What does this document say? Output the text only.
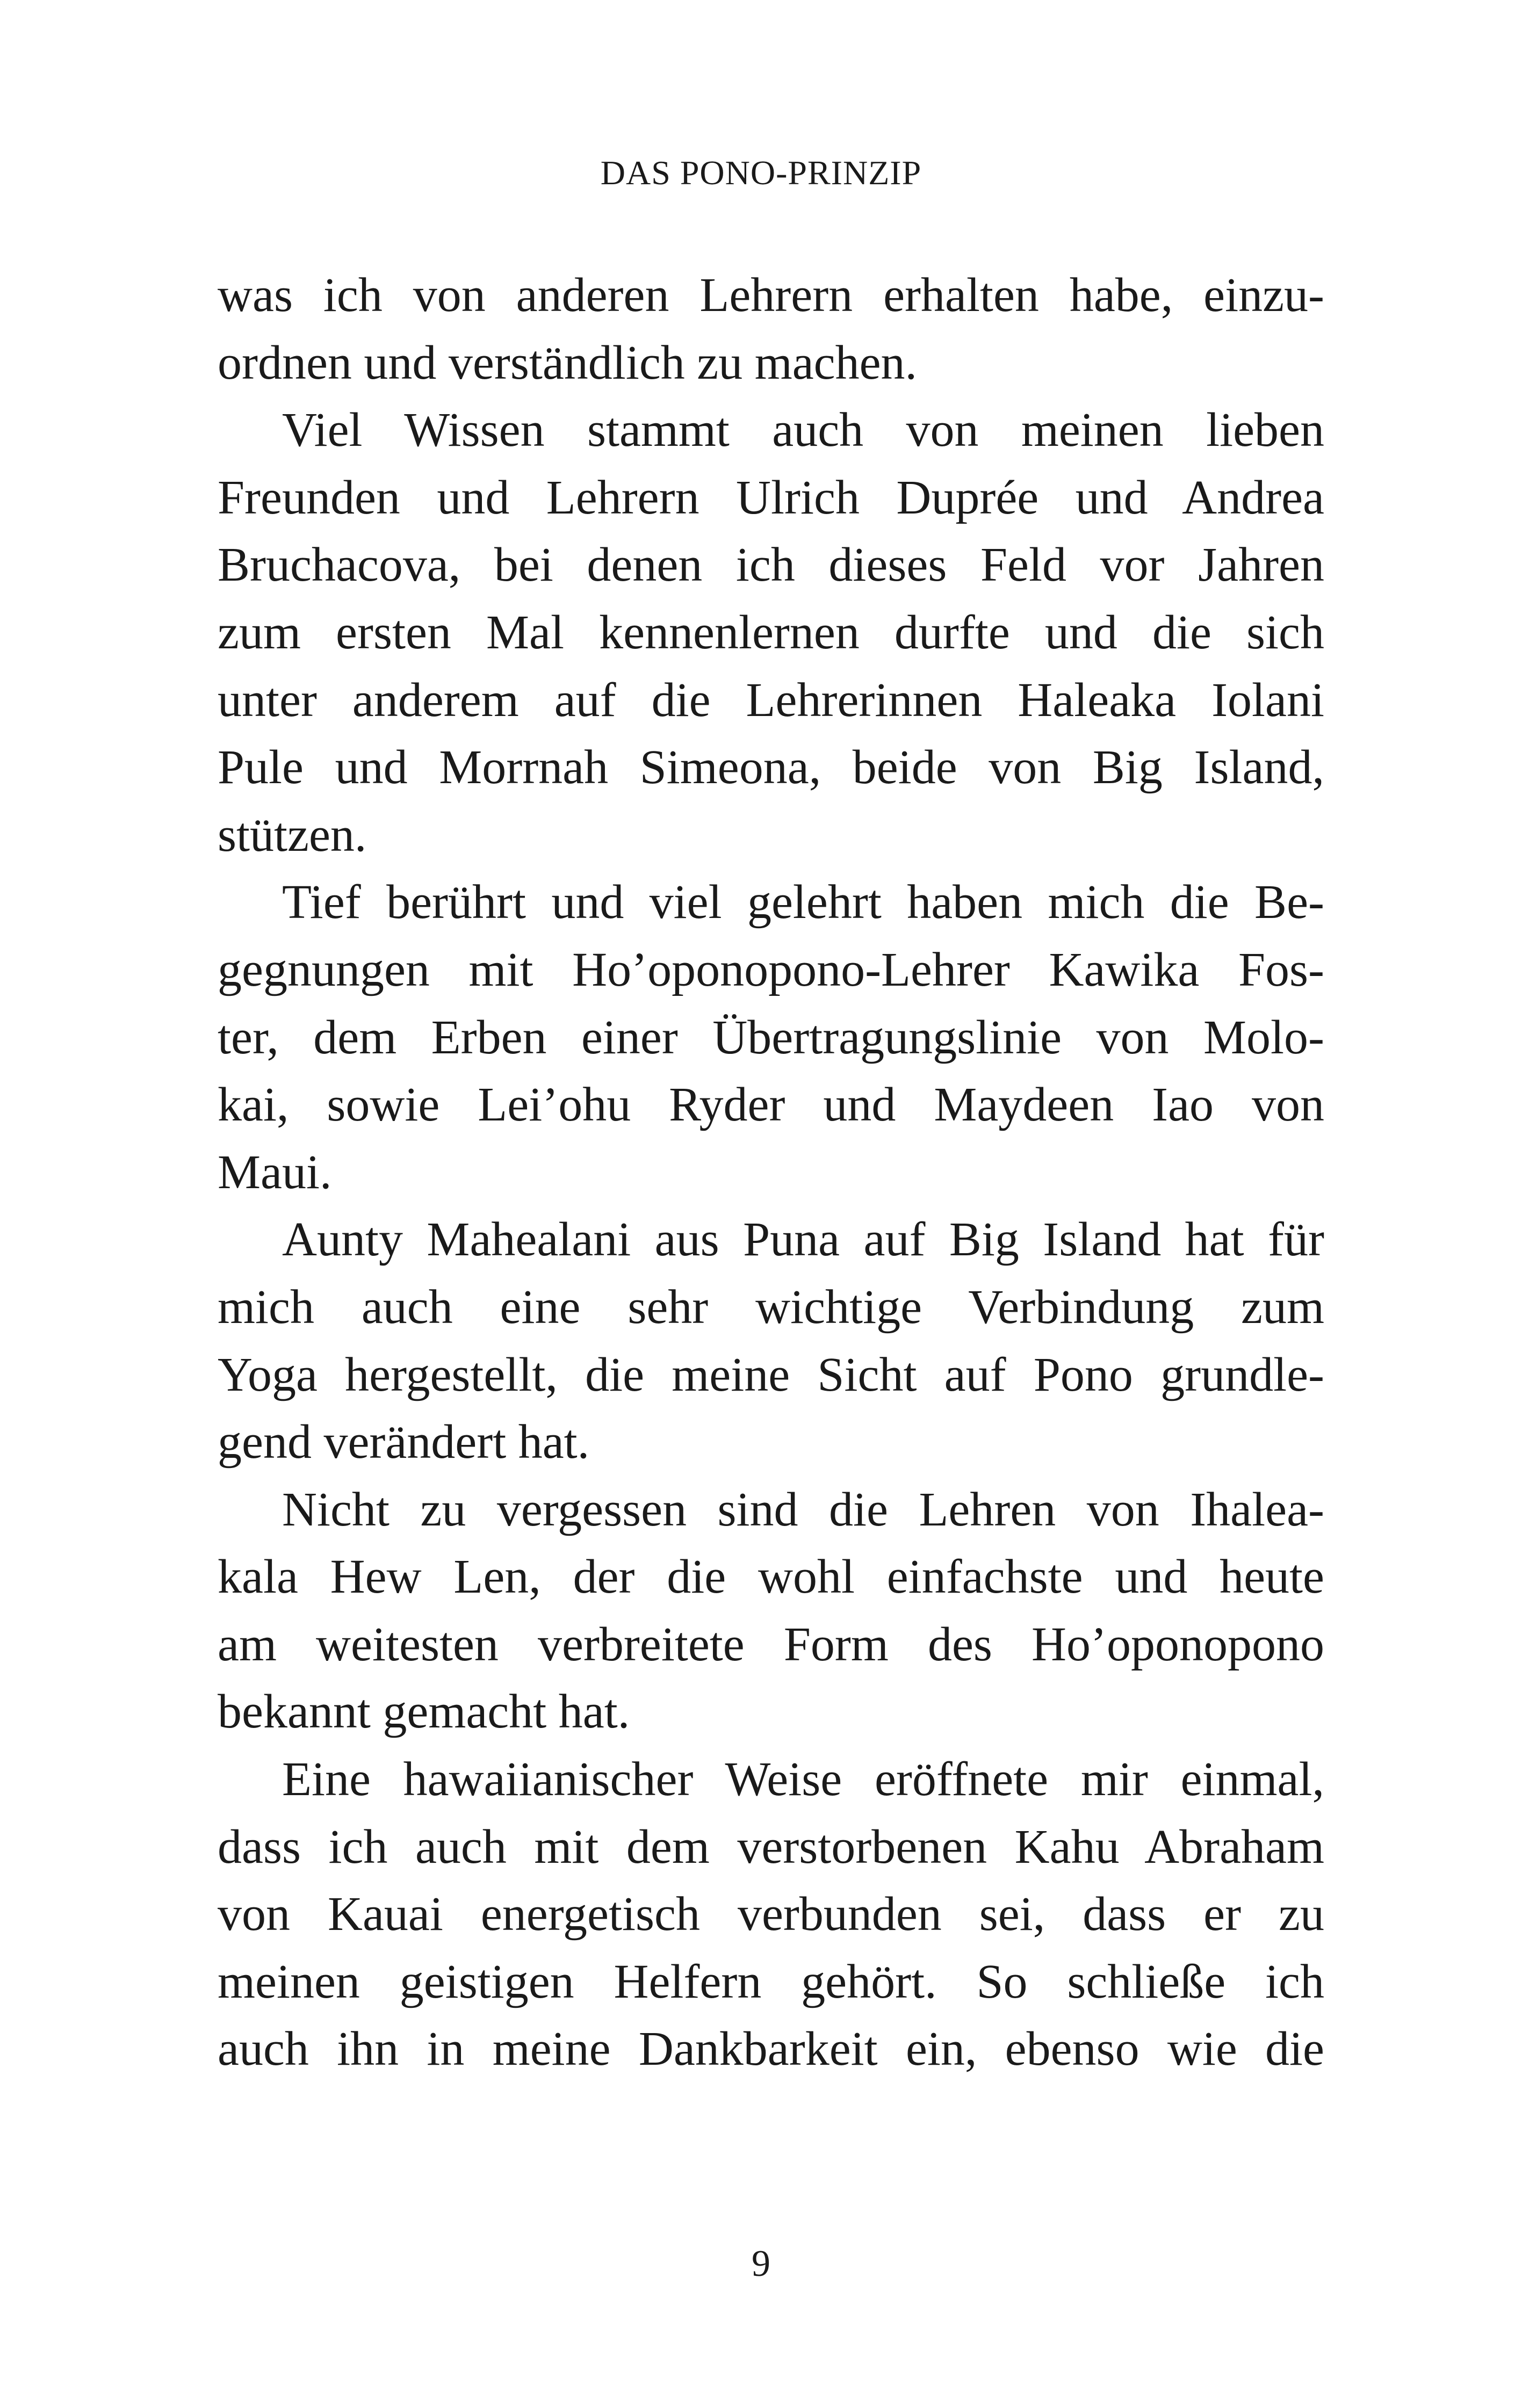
DAS PONO-PRINZIP
was ich von anderen Lehrern erhalten habe, einzu-
ordnen und verständlich zu machen.
Viel Wissen stammt auch von meinen lieben
Freunden und Lehrern Ulrich Duprée und Andrea
Bruchacova, bei denen ich dieses Feld vor Jahren
zum ersten Mal kennenlernen durfte und die sich
unter anderem auf die Lehrerinnen Haleaka Iolani
Pule und Morrnah Simeona, beide von Big Island,
stützen.
Tief berührt und viel gelehrt haben mich die Be-
gegnungen mit Ho’oponopono-Lehrer Kawika Fos-
ter, dem Erben einer Übertragungslinie von Molo-
kai, sowie Lei’ohu Ryder und Maydeen Iao von
Maui.
Aunty Mahealani aus Puna auf Big Island hat für
mich auch eine sehr wichtige Verbindung zum
Yoga hergestellt, die meine Sicht auf Pono grundle-
gend verändert hat.
Nicht zu vergessen sind die Lehren von Ihalea-
kala Hew Len, der die wohl einfachste und heute
am weitesten verbreitete Form des Ho’oponopono
bekannt gemacht hat.
Eine hawaiianischer Weise eröffnete mir einmal,
dass ich auch mit dem verstorbenen Kahu Abraham
von Kauai energetisch verbunden sei, dass er zu
meinen geistigen Helfern gehört. So schließe ich
auch ihn in meine Dankbarkeit ein, ebenso wie die
9
